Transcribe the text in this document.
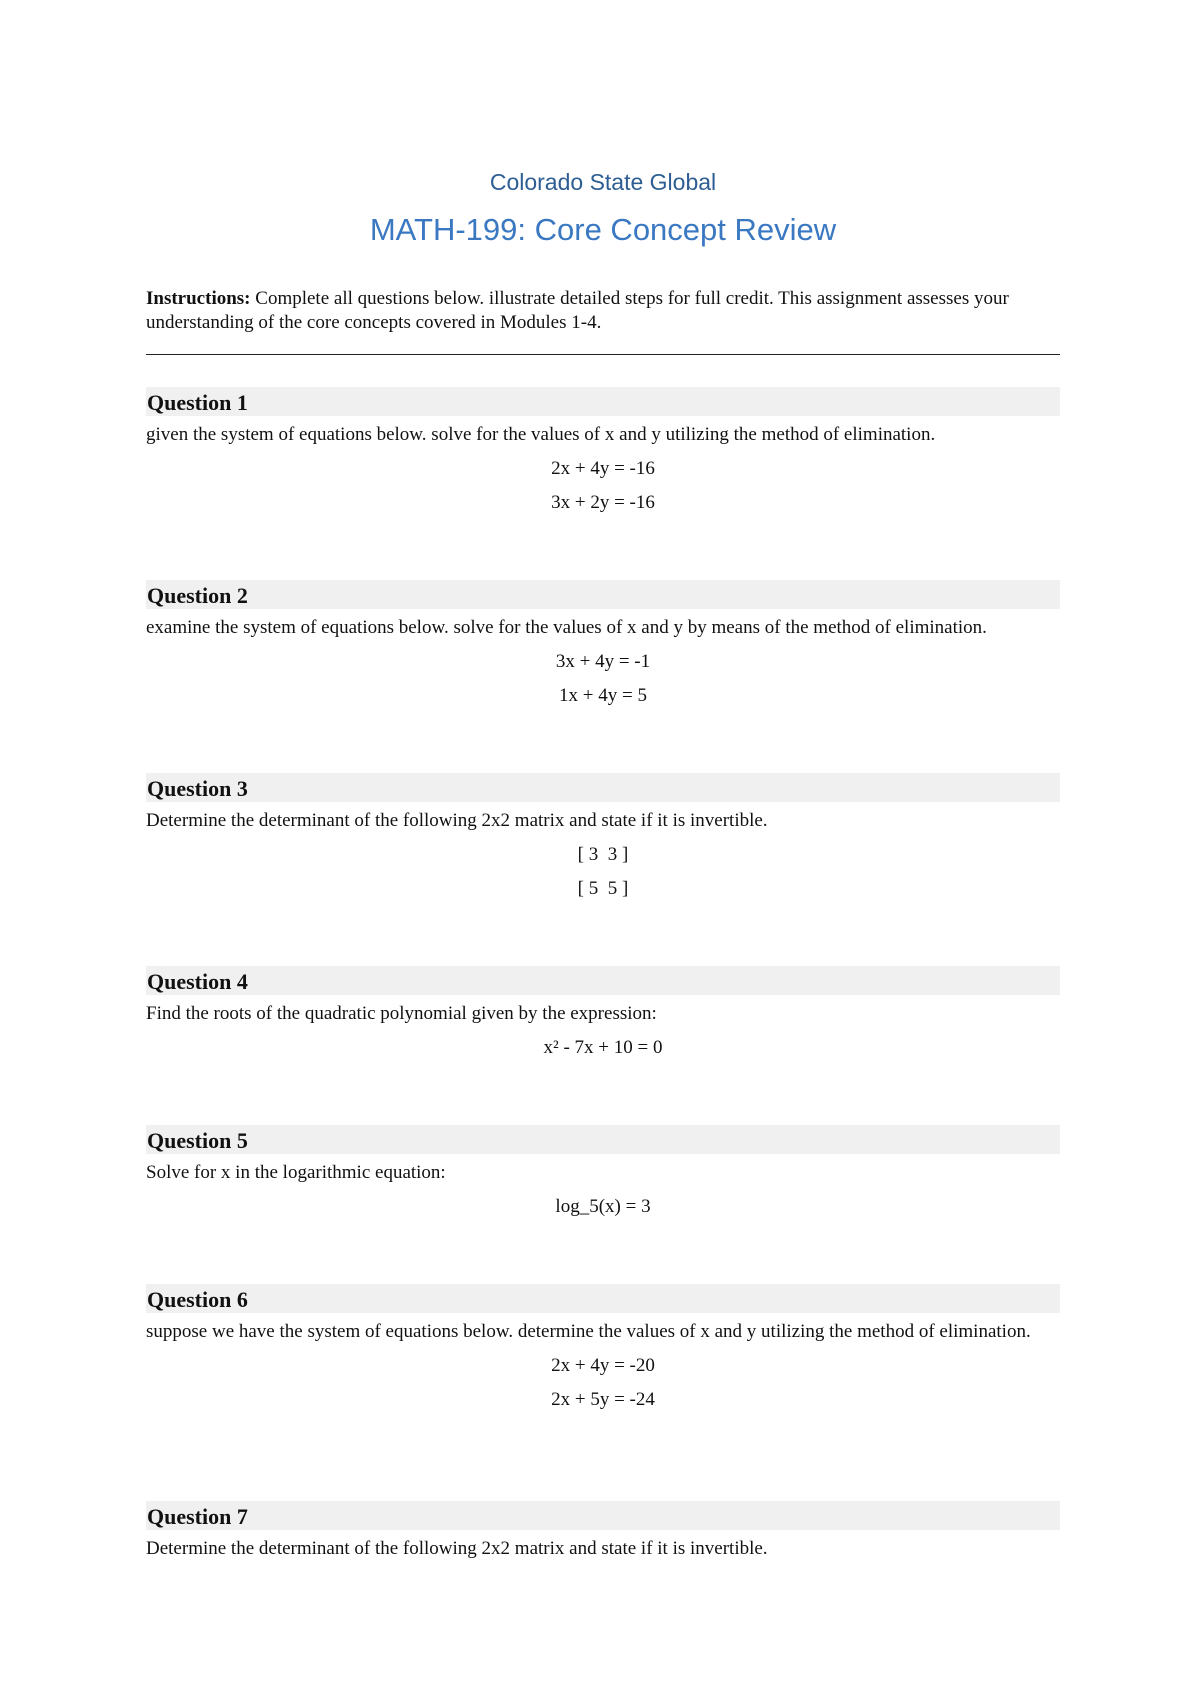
Colorado State Global
MATH-199: Core Concept Review
Instructions: Complete all questions below. illustrate detailed steps for full credit. This assignment assesses your understanding of the core concepts covered in Modules 1-4.
Question 1
given the system of equations below. solve for the values of x and y utilizing the method of elimination.
2x + 4y = -16
3x + 2y = -16
Question 2
examine the system of equations below. solve for the values of x and y by means of the method of elimination.
3x + 4y = -1
1x + 4y = 5
Question 3
Determine the determinant of the following 2x2 matrix and state if it is invertible.
[ 3  3 ]
[ 5  5 ]
Question 4
Find the roots of the quadratic polynomial given by the expression:
x² - 7x + 10 = 0
Question 5
Solve for x in the logarithmic equation:
log_5(x) = 3
Question 6
suppose we have the system of equations below. determine the values of x and y utilizing the method of elimination.
2x + 4y = -20
2x + 5y = -24
Question 7
Determine the determinant of the following 2x2 matrix and state if it is invertible.
